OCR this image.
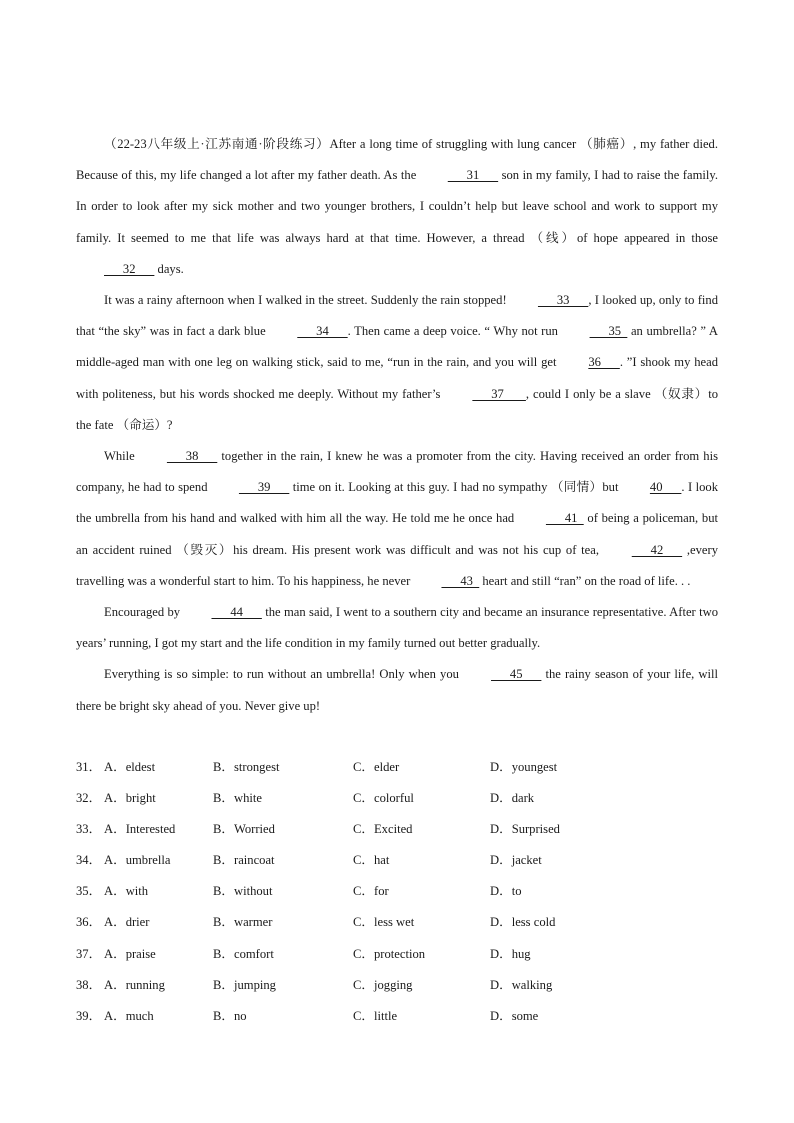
（22-23八年级上·江苏南通·阶段练习）After a long time of struggling with lung cancer （肺癌）, my father died. Because of this, my life changed a lot after my father death. As the       31       son in my family, I had to raise the family. In order to look after my sick mother and two younger brothers, I couldn’t help but leave school and work to support my family. It seemed to me that life was always hard at that time. However, a thread （线）of hope appeared in those       32       days.

It was a rainy afternoon when I walked in the street. Suddenly the rain stopped!       33      , I looked up, only to find that “the sky” was in fact a dark blue       34      . Then came a deep voice. “ Why not run       35   an umbrella? ” A middle-aged man with one leg on walking stick, said to me, “run in the rain, and you will get 36      . ”I shook my head with politeness, but his words shocked me deeply. Without my father’s       37       , could I only be a slave （奴隶）to the fate （命运）?

While       38       together in the rain, I knew he was a promoter from the city. Having received an order from his company, he had to spend       39       time on it. Looking at this guy. I had no sympathy （同情）but 40      . I look the umbrella from his hand and walked with him all the way. He told me he once had       41   of being a policeman, but an accident ruined （毁灭）his dream. His present work was difficult and was not his cup of tea,       42       ,every travelling was a wonderful start to him. To his happiness, he never       43   heart and still “ran” on the road of life. . .

Encouraged by       44       the man said, I went to a southern city and became an insurance representative. After two years’ running, I got my start and the life condition in my family turned out better gradually.

Everything is so simple: to run without an umbrella! Only when you       45       the rainy season of your life, will there be bright sky ahead of you. Never give up!

31． A．eldest	B．strongest	C．elder	D．youngest
32． A．bright	B．white	C．colorful	D．dark
33． A．Interested	B．Worried	C．Excited	D．Surprised
34． A．umbrella	B．raincoat	C．hat	D．jacket
35． A．with	B．without	C．for	D．to
36． A．drier	B．warmer	C．less wet	D．less cold
37． A．praise	B．comfort	C．protection	D．hug
38． A．running	B．jumping	C．jogging	D．walking
39． A．much	B．no	C．little	D．some
